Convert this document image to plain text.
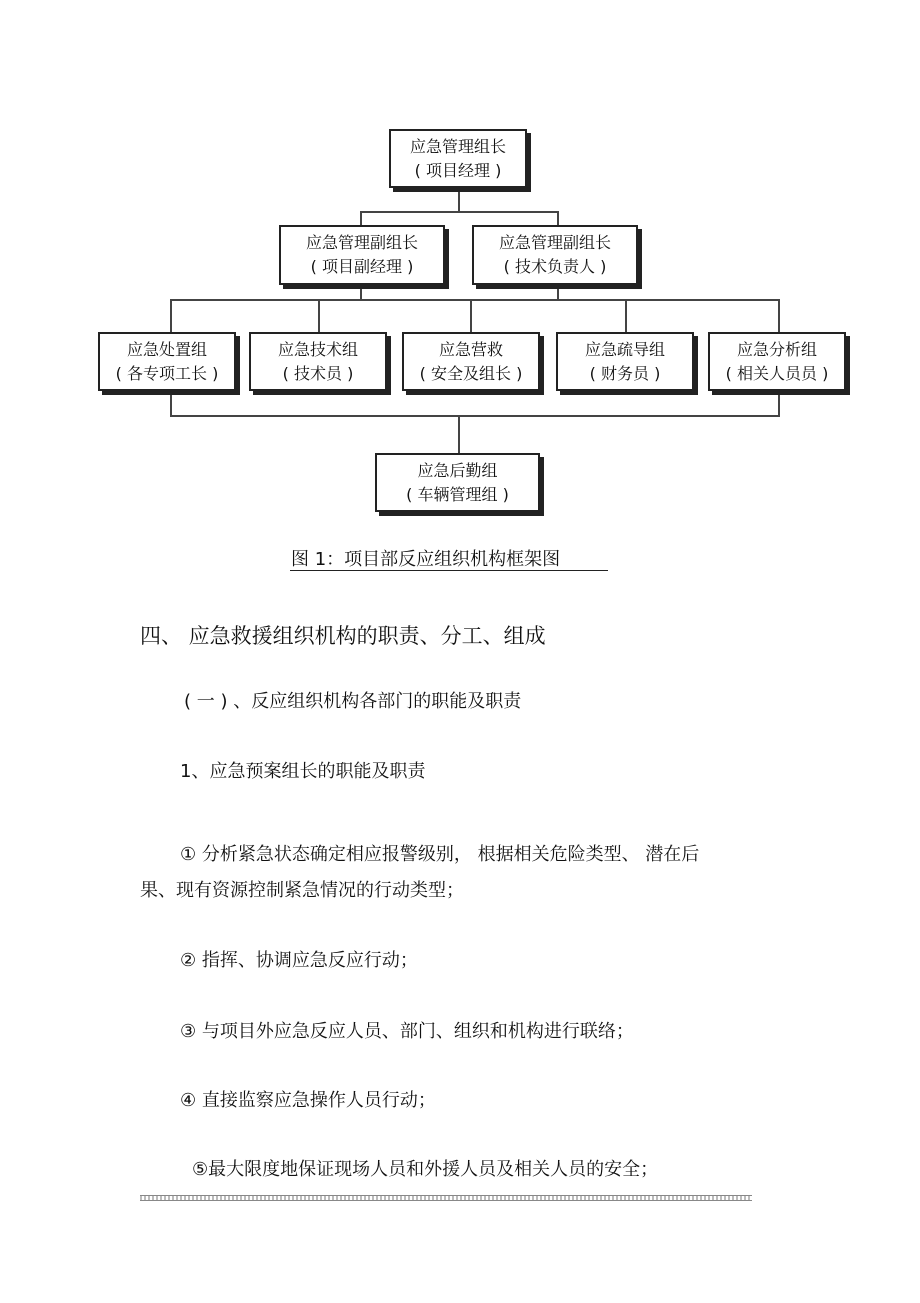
应急管理组长
( 项目经理 )
应急管理副组长
( 项目副经理 )
应急管理副组长
( 技术负责人 )
应急处置组
( 各专项工长 )
应急技术组
( 技术员 )
应急营救
( 安全及组长 )
应急疏导组
( 财务员 )
应急分析组
( 相关人员员 )
应急后勤组
( 车辆管理组 )
图 1：项目部反应组织机构框架图
四、 应急救援组织机构的职责、分工、组成
( 一 ) 、反应组织机构各部门的职能及职责
1、应急预案组长的职能及职责
① 分析紧急状态确定相应报警级别， 根据相关危险类型、 潜在后
果、现有资源控制紧急情况的行动类型；
② 指挥、协调应急反应行动；
③ 与项目外应急反应人员、部门、组织和机构进行联络；
④ 直接监察应急操作人员行动；
⑤最大限度地保证现场人员和外援人员及相关人员的安全；
